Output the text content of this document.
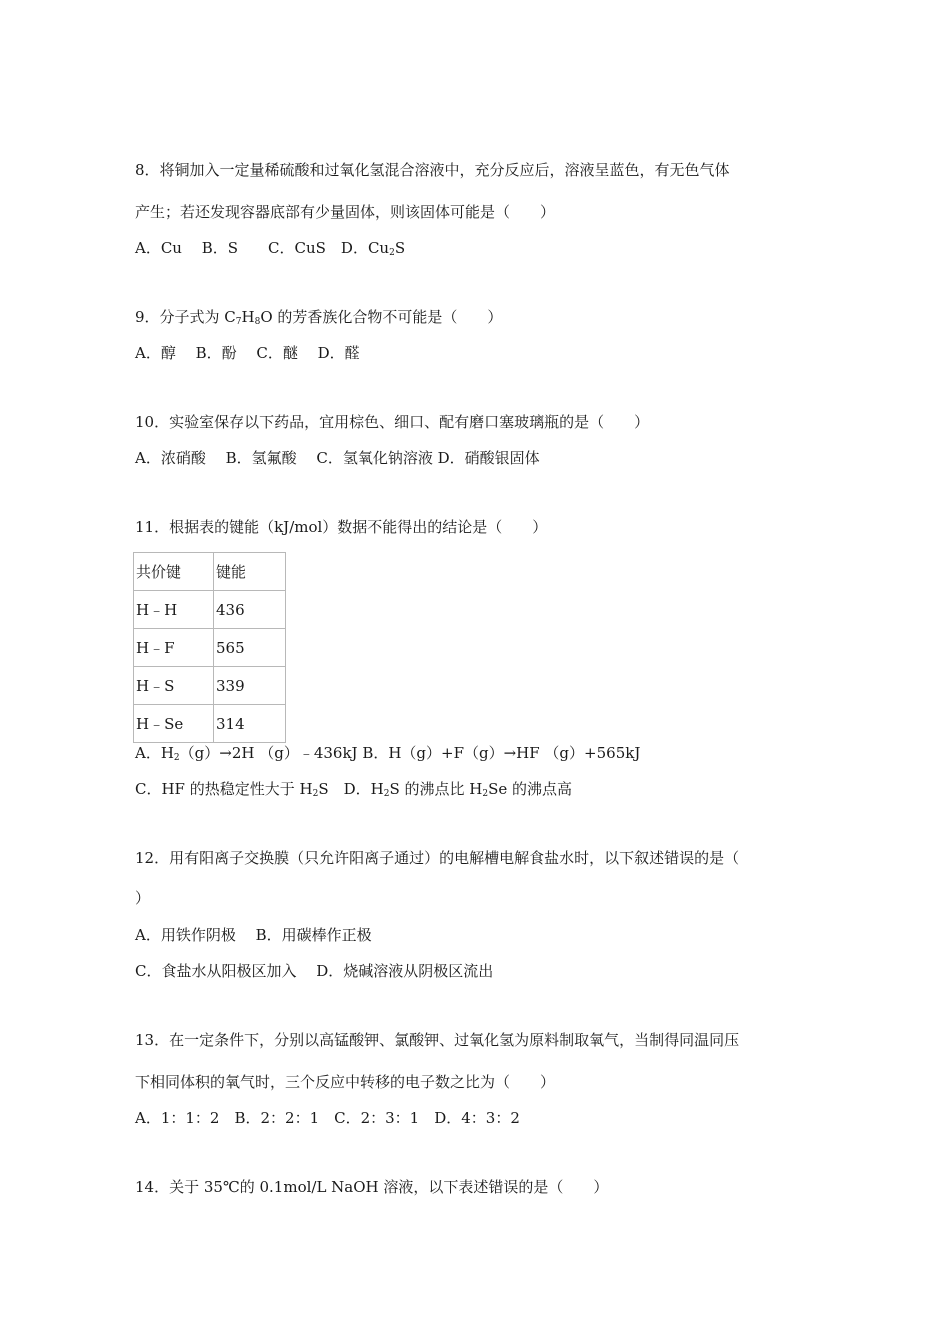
8．将铜加入一定量稀硫酸和过氧化氢混合溶液中，充分反应后，溶液呈蓝色，有无色气体
产生；若还发现容器底部有少量固体，则该固体可能是（　　）
A．Cu　 B．S　　C．CuS　D．$Cu_2S$
9．分子式为 $C_7H_8O$ 的芳香族化合物不可能是（　　）
A．醇　 B．酚　 C．醚　 D．醛
10．实验室保存以下药品，宜用棕色、细口、配有磨口塞玻璃瓶的是（　　）
A．浓硝酸　 B．氢氟酸　 C．氢氧化钠溶液 D．硝酸银固体
11．根据表的键能（kJ/mol）数据不能得出的结论是（　　）
共价键	键能
H﹣H	436
H﹣F	565
H﹣S	339
H﹣Se	314
A．$H_2(g)\to 2H$ （g）﹣436kJ B．H（g）+F（g）→HF （g）+565kJ
C．HF 的热稳定性大于 $H_2S$　D．$H_2S$ 的沸点比 $H_2Se$ 的沸点高
12．用有阳离子交换膜（只允许阳离子通过）的电解槽电解食盐水时，以下叙述错误的是（
）
A．用铁作阴极　 B．用碳棒作正极
C．食盐水从阳极区加入　 D．烧碱溶液从阴极区流出
13．在一定条件下，分别以高锰酸钾、氯酸钾、过氧化氢为原料制取氧气，当制得同温同压
下相同体积的氧气时，三个反应中转移的电子数之比为（　　）
A．1：1：2　B．2：2：1　C．2：3：1　D．4：3：2
14．关于 35℃的 0.1mol/L NaOH 溶液，以下表述错误的是（　　）
